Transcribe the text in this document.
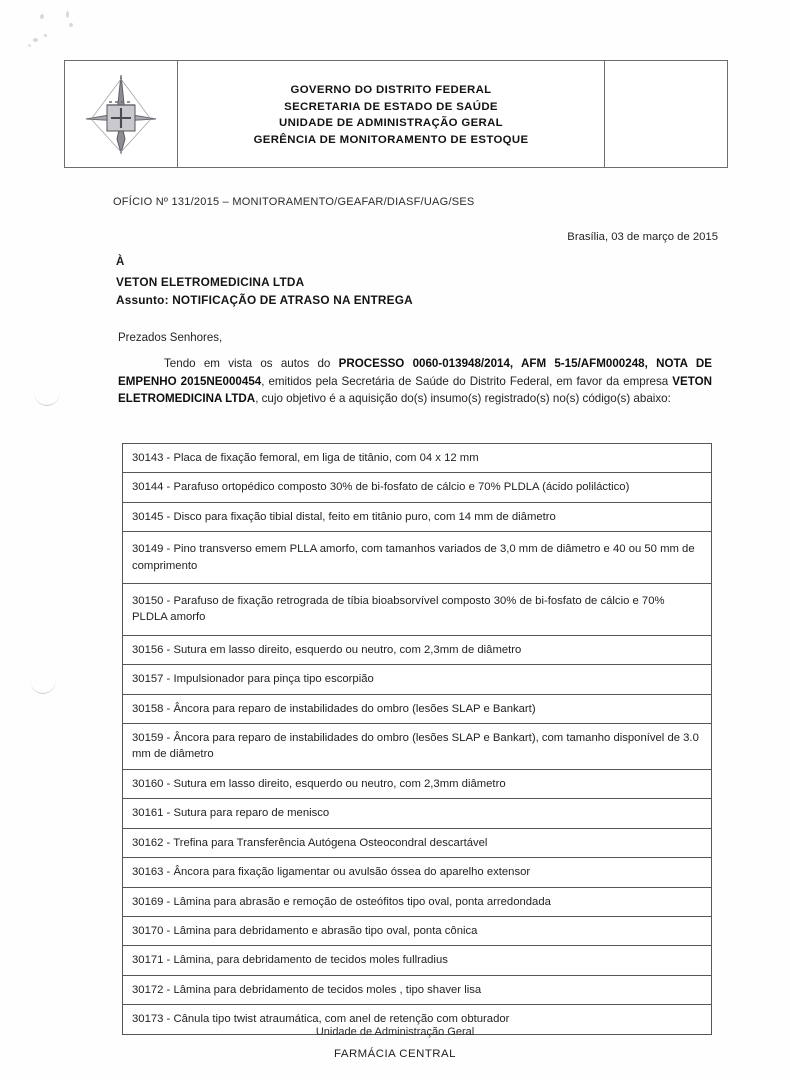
GOVERNO DO DISTRITO FEDERAL
SECRETARIA DE ESTADO DE SAÚDE
UNIDADE DE ADMINISTRAÇÃO GERAL
GERÊNCIA DE MONITORAMENTO DE ESTOQUE
OFÍCIO Nº 131/2015 – MONITORAMENTO/GEAFAR/DIASF/UAG/SES
Brasília, 03 de março de 2015
À
VETON ELETROMEDICINA LTDA
Assunto: NOTIFICAÇÃO DE ATRASO NA ENTREGA
Prezados Senhores,
Tendo em vista os autos do PROCESSO 0060-013948/2014, AFM 5-15/AFM000248, NOTA DE EMPENHO 2015NE000454, emitidos pela Secretária de Saúde do Distrito Federal, em favor da empresa VETON ELETROMEDICINA LTDA, cujo objetivo é a aquisição do(s) insumo(s) registrado(s) no(s) código(s) abaixo:
30143 - Placa de fixação femoral, em liga de titânio, com 04 x 12 mm
30144 - Parafuso ortopédico composto 30% de bi-fosfato de cálcio e 70% PLDLA (ácido poliláctico)
30145 - Disco para fixação tibial distal, feito em titânio puro, com 14 mm de diâmetro
30149 - Pino transverso emem PLLA amorfo, com tamanhos variados de 3,0 mm de diâmetro e 40 ou 50 mm de comprimento
30150 - Parafuso de fixação retrograda de tíbia bioabsorvível composto 30% de bi-fosfato de cálcio e 70% PLDLA amorfo
30156 - Sutura em lasso direito, esquerdo ou neutro, com 2,3mm de diâmetro
30157 - Impulsionador para pinça tipo escorpião
30158 - Âncora para reparo de instabilidades do ombro (lesões SLAP e Bankart)
30159 - Âncora para reparo de instabilidades do ombro (lesões SLAP e Bankart), com tamanho disponível de 3.0 mm de diâmetro
30160 - Sutura em lasso direito, esquerdo ou neutro, com 2,3mm diâmetro
30161 - Sutura para reparo de menisco
30162 - Trefina para Transferência Autógena Osteocondral descartável
30163 - Âncora para fixação ligamentar ou avulsão óssea do aparelho extensor
30169 - Lâmina para abrasão e remoção de osteófitos tipo oval, ponta arredondada
30170 - Lâmina para debridamento e abrasão tipo oval, ponta cônica
30171 - Lâmina, para debridamento de tecidos moles fullradius
30172 - Lâmina para debridamento de tecidos moles , tipo shaver lisa
30173 - Cânula tipo twist atraumática, com anel de retenção com obturador
Unidade de Administração Geral
FARMÁCIA CENTRAL
